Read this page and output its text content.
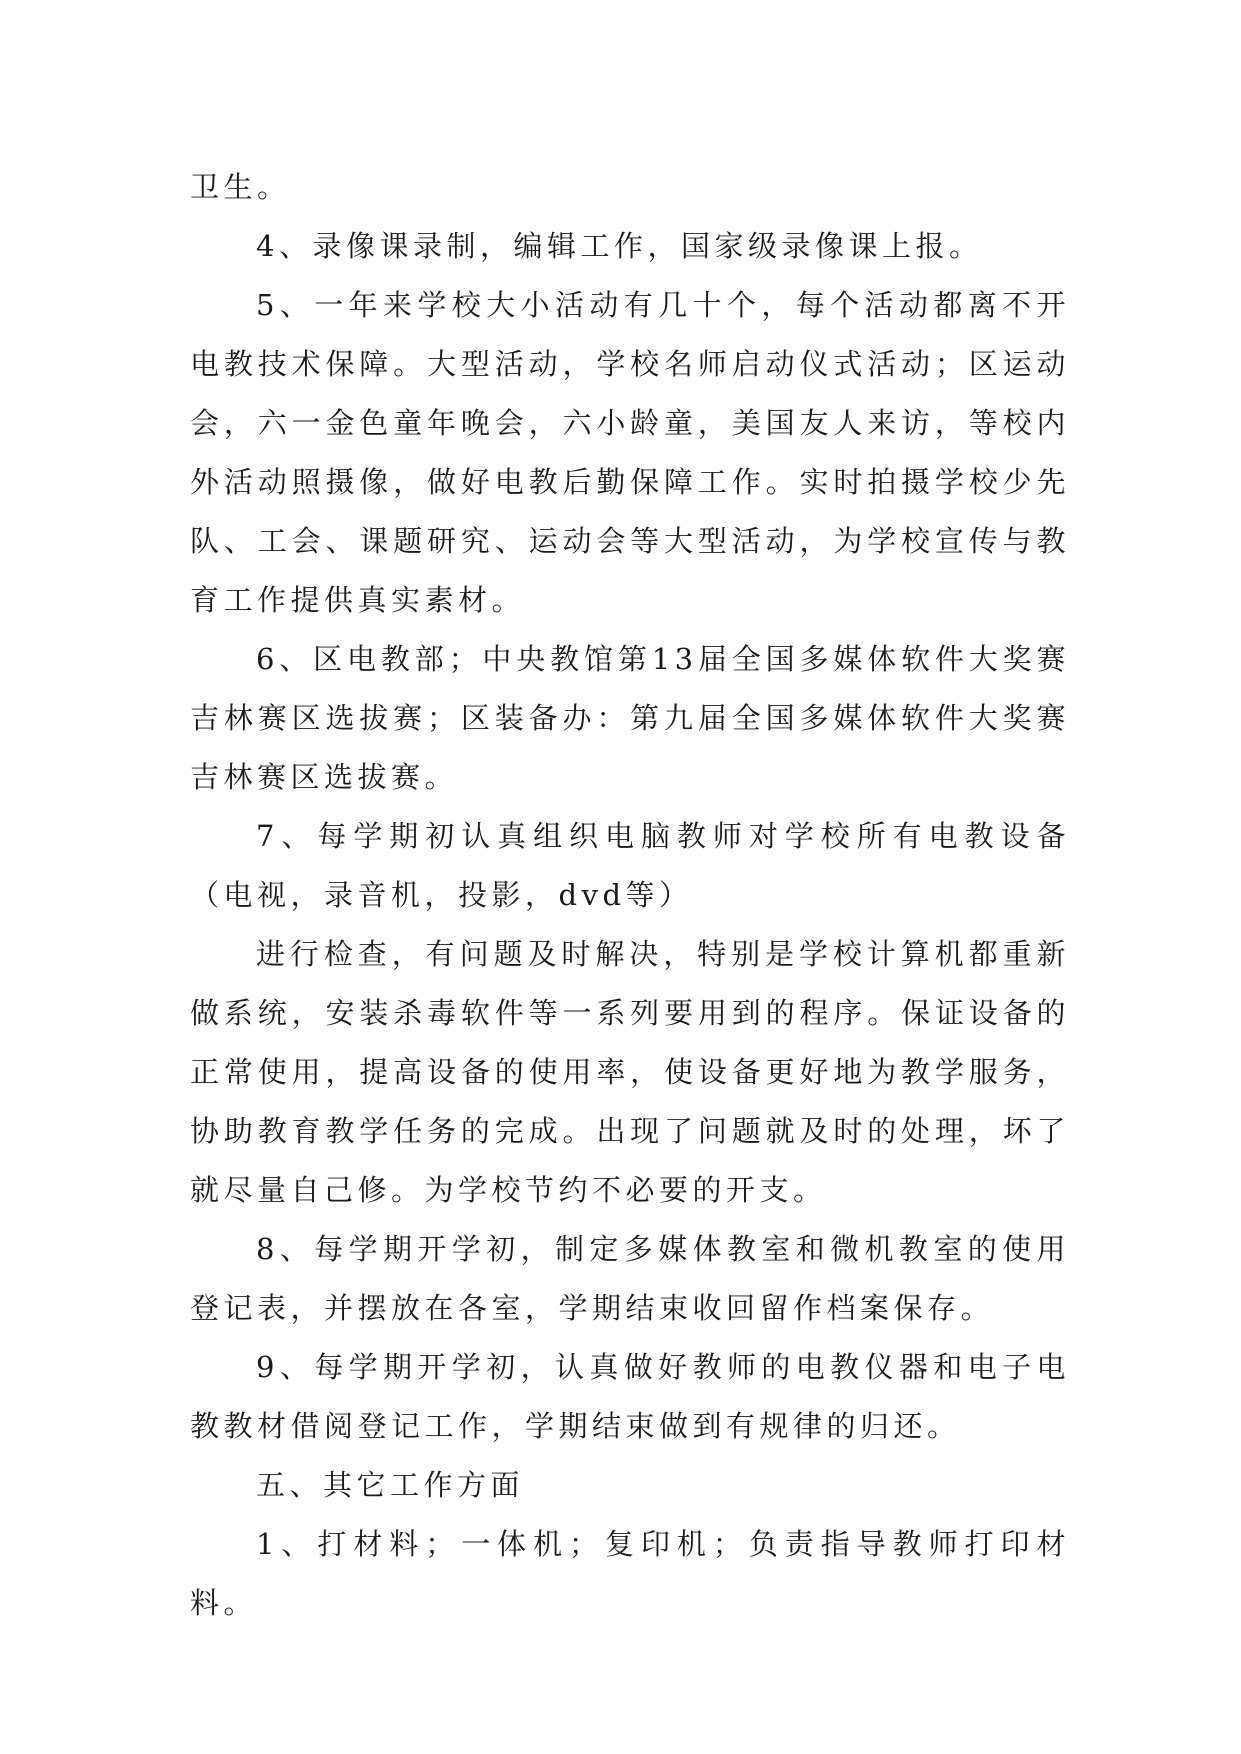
卫生。

4、录像课录制，编辑工作，国家级录像课上报。

5、一年来学校大小活动有几十个，每个活动都离不开电教技术保障。大型活动，学校名师启动仪式活动；区运动会，六一金色童年晚会，六小龄童，美国友人来访，等校内外活动照摄像，做好电教后勤保障工作。实时拍摄学校少先队、工会、课题研究、运动会等大型活动，为学校宣传与教育工作提供真实素材。

6、区电教部；中央教馆第13届全国多媒体软件大奖赛吉林赛区选拔赛；区装备办：第九届全国多媒体软件大奖赛吉林赛区选拔赛。

7、每学期初认真组织电脑教师对学校所有电教设备（电视，录音机，投影，dvd等）

进行检查，有问题及时解决，特别是学校计算机都重新做系统，安装杀毒软件等一系列要用到的程序。保证设备的正常使用，提高设备的使用率，使设备更好地为教学服务，协助教育教学任务的完成。出现了问题就及时的处理，坏了就尽量自己修。为学校节约不必要的开支。

8、每学期开学初，制定多媒体教室和微机教室的使用登记表，并摆放在各室，学期结束收回留作档案保存。

9、每学期开学初，认真做好教师的电教仪器和电子电教教材借阅登记工作，学期结束做到有规律的归还。

五、其它工作方面

1、打材料；一体机；复印机；负责指导教师打印材料。
